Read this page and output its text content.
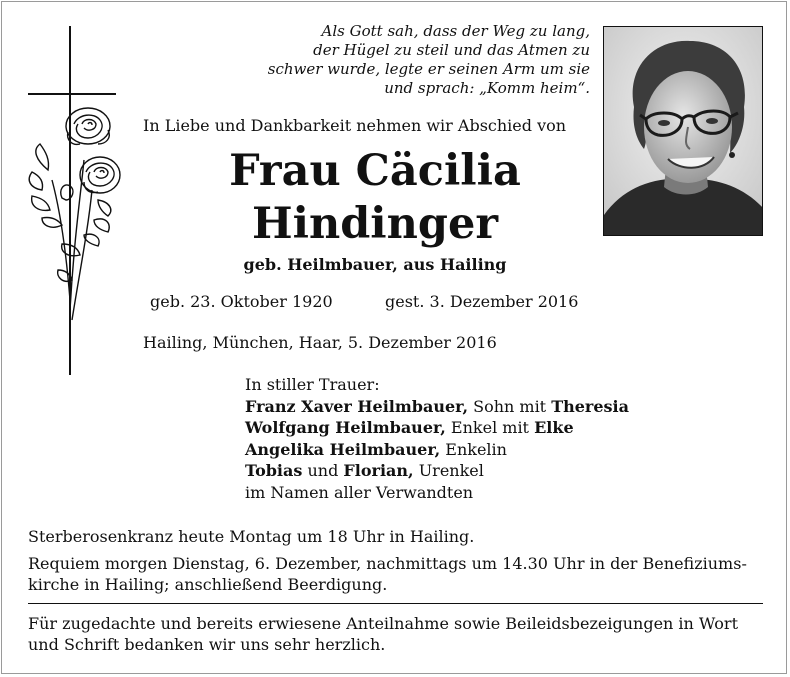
Als Gott sah, dass der Weg zu lang,
der Hügel zu steil und das Atmen zu
schwer wurde, legte er seinen Arm um sie
und sprach: „Komm heim“.
In Liebe und Dankbarkeit nehmen wir Abschied von
Frau Cäcilia
Hindinger
geb. Heilmbauer, aus Hailing
geb. 23. Oktober 1920	gest. 3. Dezember 2016
Hailing, München, Haar, 5. Dezember 2016
In stiller Trauer:
Franz Xaver Heilmbauer, Sohn mit Theresia
Wolfgang Heilmbauer, Enkel mit Elke
Angelika Heilmbauer, Enkelin
Tobias und Florian, Urenkel
im Namen aller Verwandten
Sterberosenkranz heute Montag um 18 Uhr in Hailing.
Requiem morgen Dienstag, 6. Dezember, nachmittags um 14.30 Uhr in der Benefiziums-
kirche in Hailing; anschließend Beerdigung.
Für zugedachte und bereits erwiesene Anteilnahme sowie Beileidsbezeigungen in Wort
und Schrift bedanken wir uns sehr herzlich.
